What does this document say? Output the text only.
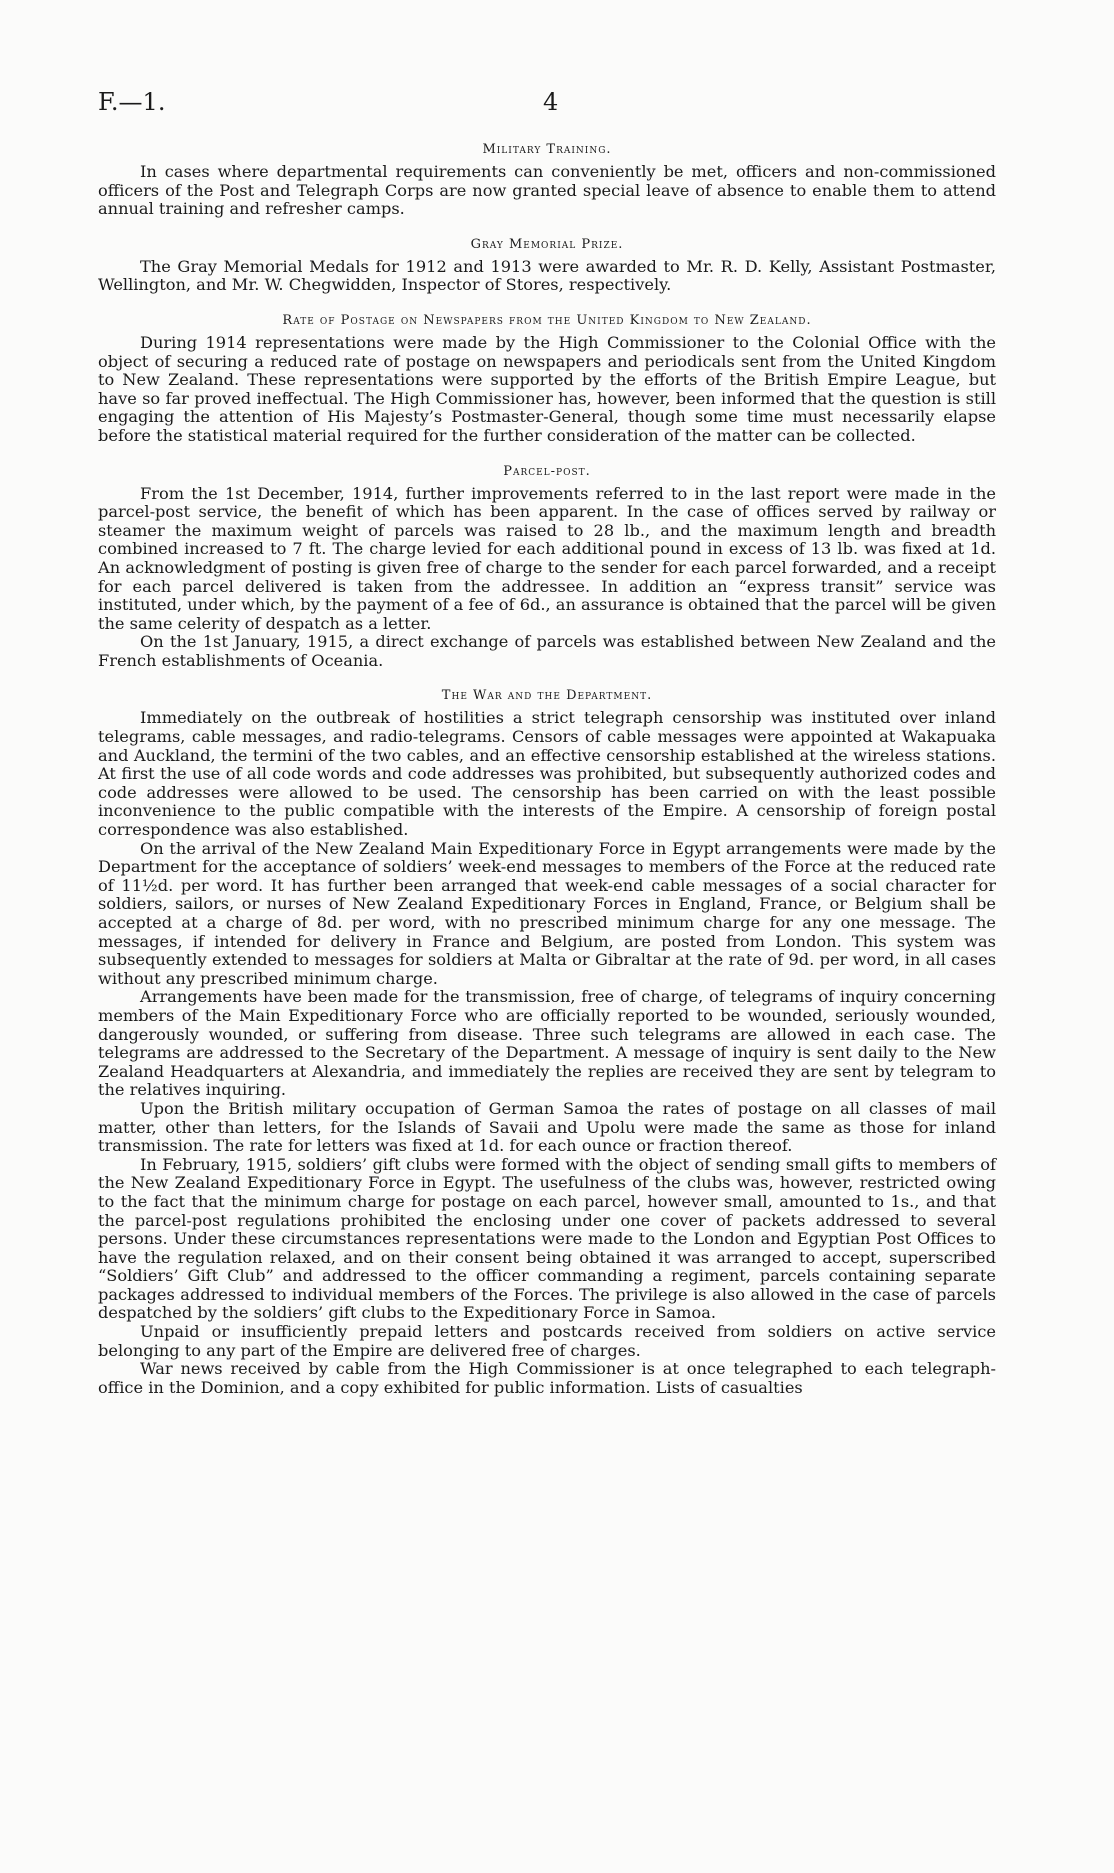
F.—1.	4
Military Training.

In cases where departmental requirements can conveniently be met, officers and non-commissioned officers of the Post and Telegraph Corps are now granted special leave of absence to enable them to attend annual training and refresher camps.

Gray Memorial Prize.

The Gray Memorial Medals for 1912 and 1913 were awarded to Mr. R. D. Kelly, Assistant Postmaster, Wellington, and Mr. W. Chegwidden, Inspector of Stores, respectively.

Rate of Postage on Newspapers from the United Kingdom to New Zealand.

During 1914 representations were made by the High Commissioner to the Colonial Office with the object of securing a reduced rate of postage on newspapers and periodicals sent from the United Kingdom to New Zealand. These representations were supported by the efforts of the British Empire League, but have so far proved ineffectual. The High Commissioner has, however, been informed that the question is still engaging the attention of His Majesty’s Postmaster-General, though some time must necessarily elapse before the statistical material required for the further consideration of the matter can be collected.

Parcel-post.

From the 1st December, 1914, further improvements referred to in the last report were made in the parcel-post service, the benefit of which has been apparent. In the case of offices served by railway or steamer the maximum weight of parcels was raised to 28 lb., and the maximum length and breadth combined increased to 7 ft. The charge levied for each additional pound in excess of 13 lb. was fixed at 1d. An acknowledgment of posting is given free of charge to the sender for each parcel forwarded, and a receipt for each parcel delivered is taken from the addressee. In addition an “express transit” service was instituted, under which, by the payment of a fee of 6d., an assurance is obtained that the parcel will be given the same celerity of despatch as a letter.

On the 1st January, 1915, a direct exchange of parcels was established between New Zealand and the French establishments of Oceania.

The War and the Department.

Immediately on the outbreak of hostilities a strict telegraph censorship was instituted over inland telegrams, cable messages, and radio-telegrams. Censors of cable messages were appointed at Wakapuaka and Auckland, the termini of the two cables, and an effective censorship established at the wireless stations. At first the use of all code words and code addresses was prohibited, but subsequently authorized codes and code addresses were allowed to be used. The censorship has been carried on with the least possible inconvenience to the public compatible with the interests of the Empire. A censorship of foreign postal correspondence was also established.

On the arrival of the New Zealand Main Expeditionary Force in Egypt arrangements were made by the Department for the acceptance of soldiers’ week-end messages to members of the Force at the reduced rate of 11½d. per word. It has further been arranged that week-end cable messages of a social character for soldiers, sailors, or nurses of New Zealand Expeditionary Forces in England, France, or Belgium shall be accepted at a charge of 8d. per word, with no prescribed minimum charge for any one message. The messages, if intended for delivery in France and Belgium, are posted from London. This system was subsequently extended to messages for soldiers at Malta or Gibraltar at the rate of 9d. per word, in all cases without any prescribed minimum charge.

Arrangements have been made for the transmission, free of charge, of telegrams of inquiry concerning members of the Main Expeditionary Force who are officially reported to be wounded, seriously wounded, dangerously wounded, or suffering from disease. Three such telegrams are allowed in each case. The telegrams are addressed to the Secretary of the Department. A message of inquiry is sent daily to the New Zealand Headquarters at Alexandria, and immediately the replies are received they are sent by telegram to the relatives inquiring.

Upon the British military occupation of German Samoa the rates of postage on all classes of mail matter, other than letters, for the Islands of Savaii and Upolu were made the same as those for inland transmission. The rate for letters was fixed at 1d. for each ounce or fraction thereof.

In February, 1915, soldiers’ gift clubs were formed with the object of sending small gifts to members of the New Zealand Expeditionary Force in Egypt. The usefulness of the clubs was, however, restricted owing to the fact that the minimum charge for postage on each parcel, however small, amounted to 1s., and that the parcel-post regulations prohibited the enclosing under one cover of packets addressed to several persons. Under these circumstances representations were made to the London and Egyptian Post Offices to have the regulation relaxed, and on their consent being obtained it was arranged to accept, superscribed “Soldiers’ Gift Club” and addressed to the officer commanding a regiment, parcels containing separate packages addressed to individual members of the Forces. The privilege is also allowed in the case of parcels despatched by the soldiers’ gift clubs to the Expeditionary Force in Samoa.

Unpaid or insufficiently prepaid letters and postcards received from soldiers on active service belonging to any part of the Empire are delivered free of charges.

War news received by cable from the High Commissioner is at once telegraphed to each telegraph-office in the Dominion, and a copy exhibited for public information. Lists of casualties
